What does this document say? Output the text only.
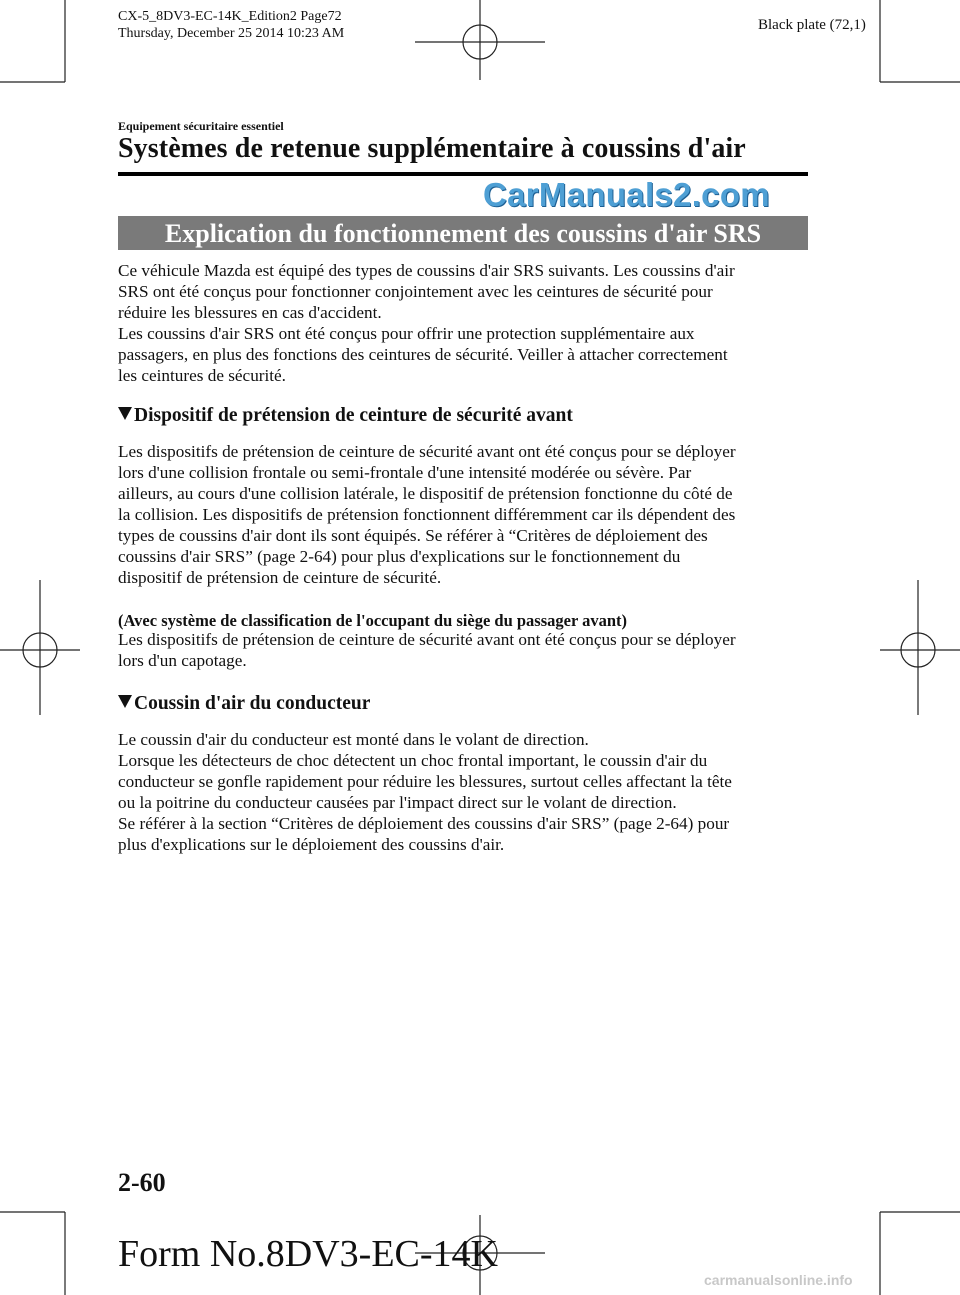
CX-5_8DV3-EC-14K_Edition2 Page72
Thursday, December 25 2014 10:23 AM
Black plate (72,1)
Equipement sécuritaire essentiel
Systèmes de retenue supplémentaire à coussins d'air
CarManuals2.com
Explication du fonctionnement des coussins d'air SRS

Ce véhicule Mazda est équipé des types de coussins d'air SRS suivants. Les coussins d'air

SRS ont été conçus pour fonctionner conjointement avec les ceintures de sécurité pour

réduire les blessures en cas d'accident.

Les coussins d'air SRS ont été conçus pour offrir une protection supplémentaire aux

passagers, en plus des fonctions des ceintures de sécurité. Veiller à attacher correctement

les ceintures de sécurité.

Dispositif de prétension de ceinture de sécurité avant

Les dispositifs de prétension de ceinture de sécurité avant ont été conçus pour se déployer

lors d'une collision frontale ou semi-frontale d'une intensité modérée ou sévère. Par

ailleurs, au cours d'une collision latérale, le dispositif de prétension fonctionne du côté de

la collision. Les dispositifs de prétension fonctionnent différemment car ils dépendent des

types de coussins d'air dont ils sont équipés. Se référer à “Critères de déploiement des

coussins d'air SRS” (page 2-64) pour plus d'explications sur le fonctionnement du

dispositif de prétension de ceinture de sécurité.

(Avec système de classification de l'occupant du siège du passager avant)

Les dispositifs de prétension de ceinture de sécurité avant ont été conçus pour se déployer

lors d'un capotage.

Coussin d'air du conducteur

Le coussin d'air du conducteur est monté dans le volant de direction.

Lorsque les détecteurs de choc détectent un choc frontal important, le coussin d'air du

conducteur se gonfle rapidement pour réduire les blessures, surtout celles affectant la tête

ou la poitrine du conducteur causées par l'impact direct sur le volant de direction.

Se référer à la section “Critères de déploiement des coussins d'air SRS” (page 2-64) pour

plus d'explications sur le déploiement des coussins d'air.

2-60
Form No.8DV3-EC-14K
carmanualsonline.info
